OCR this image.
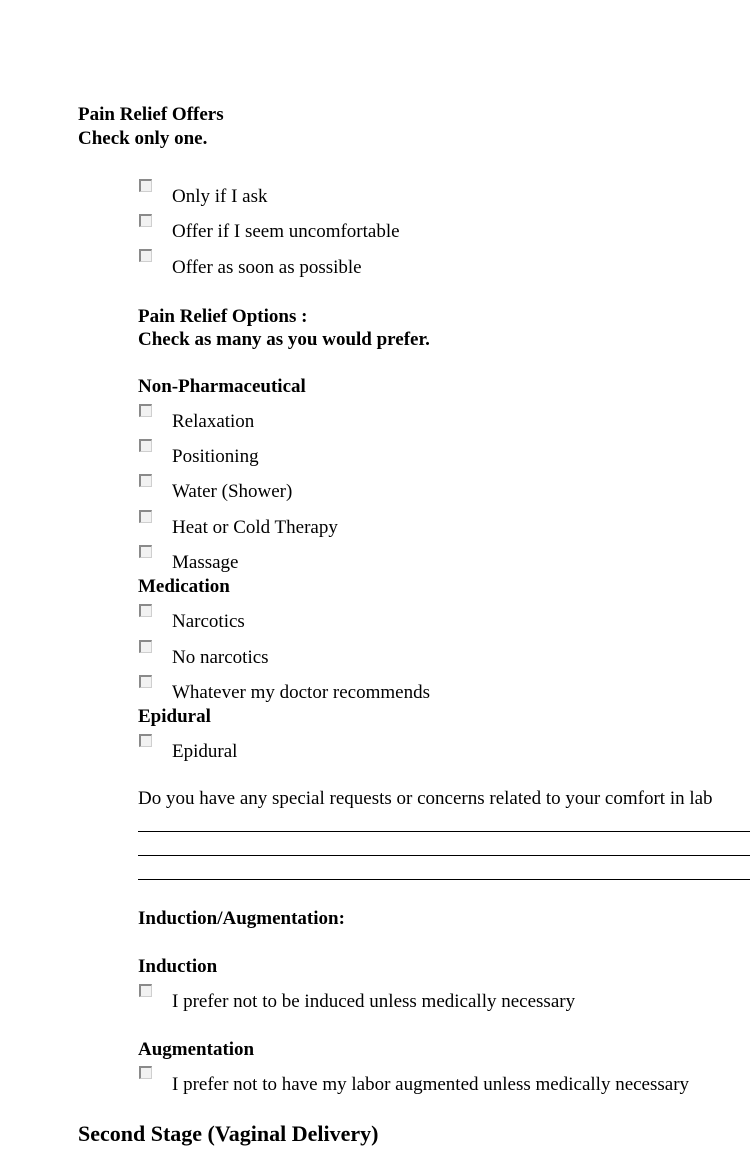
Pain Relief Offers
Check only one.
Only if I ask
Offer if I seem uncomfortable
Offer as soon as possible
Pain Relief Options :
Check as many as you would prefer.
Non-Pharmaceutical
Relaxation
Positioning
Water (Shower)
Heat or Cold Therapy
Massage
Medication
Narcotics
No narcotics
Whatever my doctor recommends
Epidural
Epidural
Do you have any special requests or concerns related to your comfort in lab
Induction/Augmentation:
Induction
I prefer not to be induced unless medically necessary
Augmentation
I prefer not to have my labor augmented unless medically necessary
Second Stage (Vaginal Delivery)
